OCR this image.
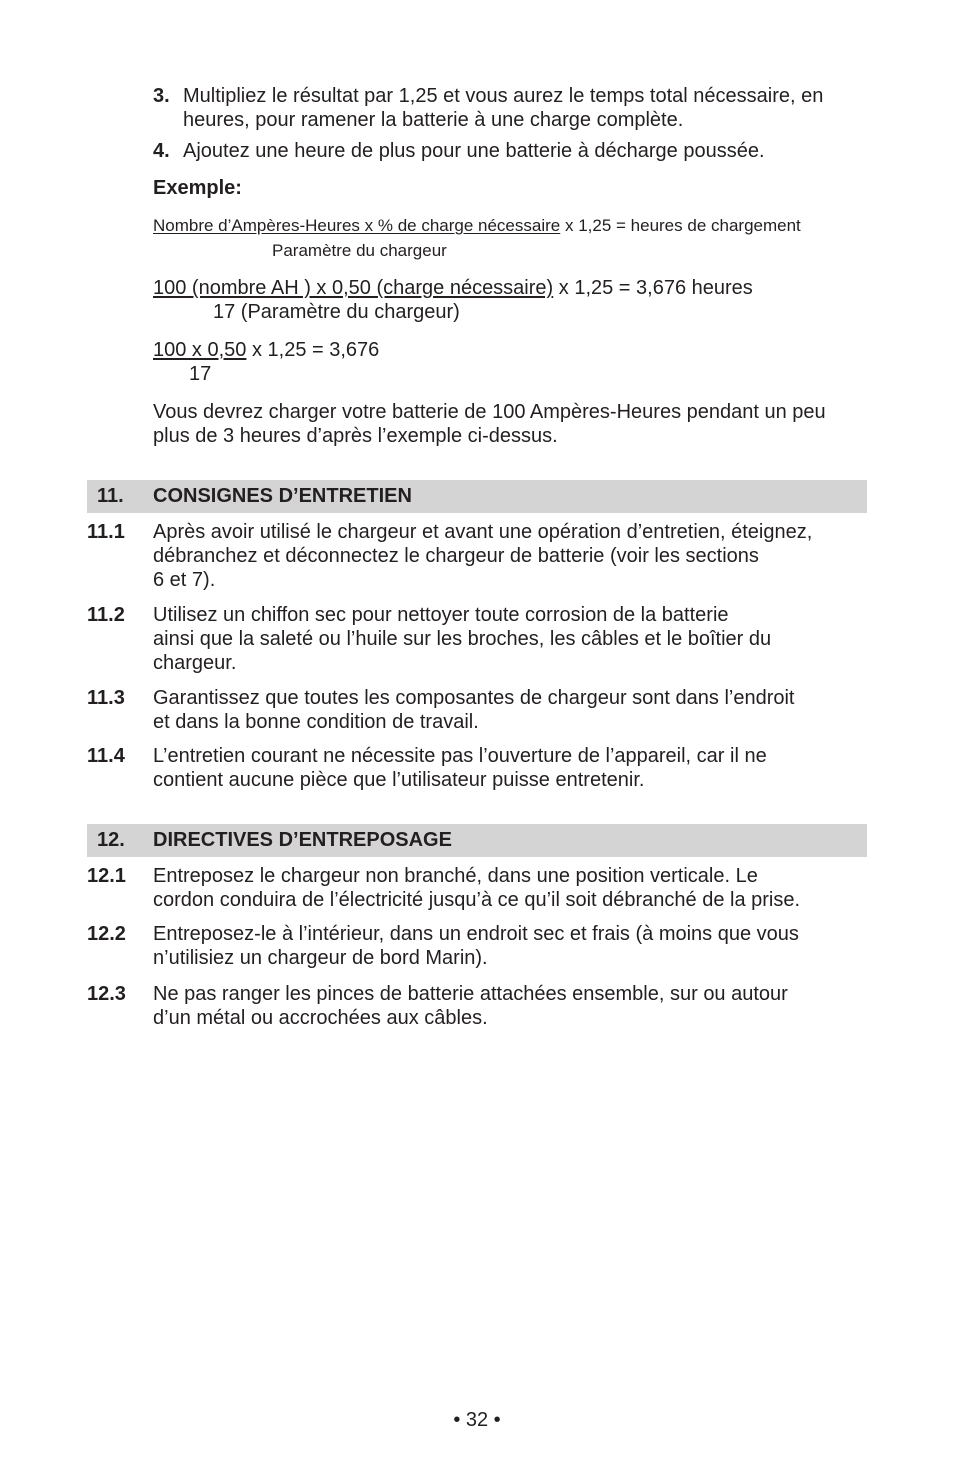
3. Multipliez le résultat par 1,25 et vous aurez le temps total nécessaire, en heures, pour ramener la batterie à une charge complète.
4. Ajoutez une heure de plus pour une batterie à décharge poussée.
Exemple:
Nombre d’Ampères-Heures x % de charge nécessaire x 1,25 = heures de chargement
Paramètre du chargeur
100 (nombre AH ) x 0,50 (charge nécessaire) x 1,25 = 3,676 heures
17 (Paramètre du chargeur)
100 x 0,50 x 1,25 = 3,676
17
Vous devrez charger votre batterie de 100 Ampères-Heures pendant un peu plus de 3 heures d’après l’exemple ci-dessus.
11. CONSIGNES D’ENTRETIEN
11.1 Après avoir utilisé le chargeur et avant une opération d’entretien, éteignez,
débranchez et déconnectez le chargeur de batterie (voir les sections
6 et 7).
11.2 Utilisez un chiffon sec pour nettoyer toute corrosion de la batterie
ainsi que la saleté ou l’huile sur les broches, les câbles et le boîtier du
chargeur.
11.3 Garantissez que toutes les composantes de chargeur sont dans l’endroit
et dans la bonne condition de travail.
11.4 L’entretien courant ne nécessite pas l’ouverture de l’appareil, car il ne
contient aucune pièce que l’utilisateur puisse entretenir.
12. DIRECTIVES D’ENTREPOSAGE
12.1 Entreposez le chargeur non branché, dans une position verticale. Le
cordon conduira de l’électricité jusqu’à ce qu’il soit débranché de la prise.
12.2 Entreposez-le à l’intérieur, dans un endroit sec et frais (à moins que vous
n’utilisiez un chargeur de bord Marin).
12.3 Ne pas ranger les pinces de batterie attachées ensemble, sur ou autour
d’un métal ou accrochées aux câbles.
• 32 •
